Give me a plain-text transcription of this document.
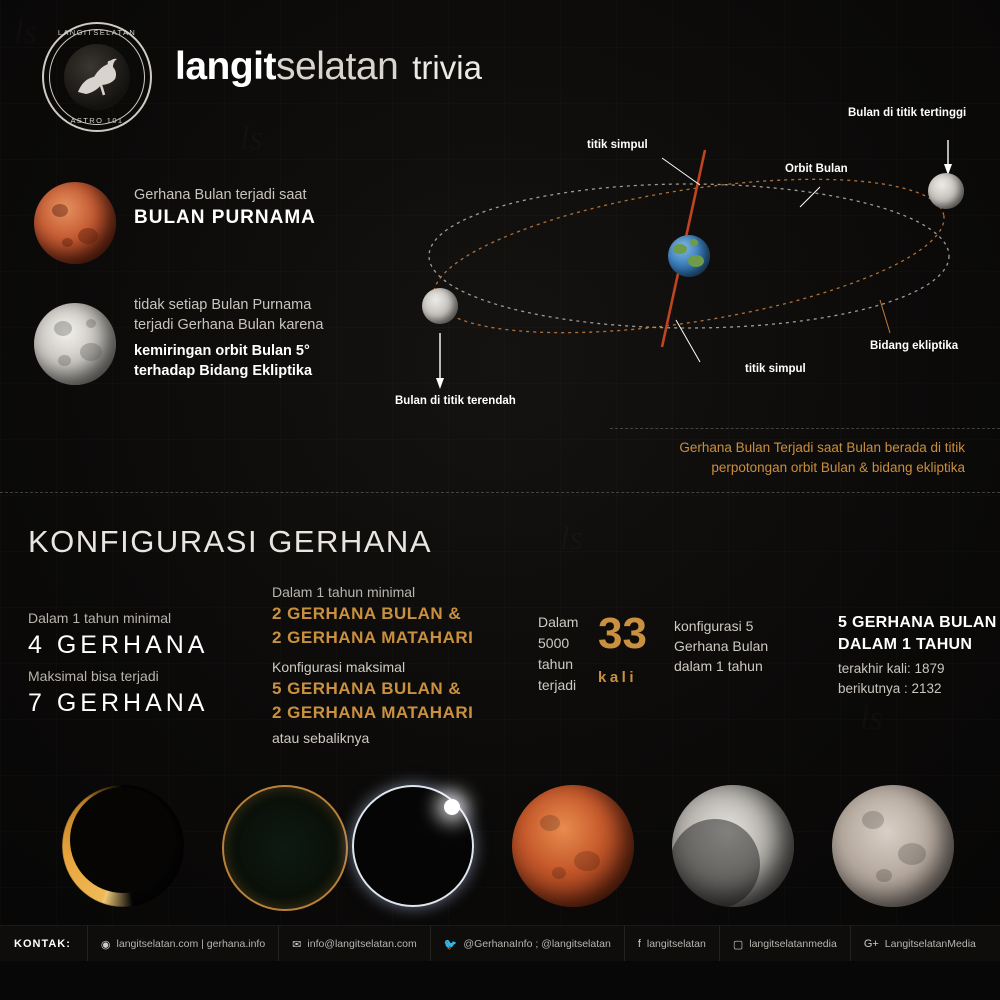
LANGITSELATAN
ASTRO 101
langitselatan trivia
Gerhana Bulan terjadi saat
BULAN PURNAMA
tidak setiap Bulan Purnama
terjadi Gerhana Bulan karena
kemiringan orbit Bulan 5°
terhadap Bidang Ekliptika
titik simpul
Orbit Bulan
Bulan di titik tertinggi
titik simpul
Bulan di titik terendah
Bidang ekliptika
Gerhana Bulan Terjadi saat Bulan berada di titik
perpotongan orbit Bulan & bidang ekliptika
KONFIGURASI GERHANA
Dalam 1 tahun minimal
4 GERHANA
Maksimal bisa terjadi
7 GERHANA
Dalam 1 tahun minimal
2 GERHANA BULAN &
2 GERHANA MATAHARI
Konfigurasi maksimal
5 GERHANA BULAN &
2 GERHANA MATAHARI
atau sebaliknya
Dalam
5000
tahun
terjadi
konfigurasi 5
Gerhana Bulan
dalam 1 tahun
33
kali
5 GERHANA BULAN
DALAM 1 TAHUN
terakhir kali: 1879
berikutnya : 2132
KONTAK:	◉ langitselatan.com | gerhana.info ✉ info@langitselatan.com 🐦 @GerhanaInfo ; @langitselatan f langitselatan ▢ langitselatanmedia G+ LangitselatanMedia
